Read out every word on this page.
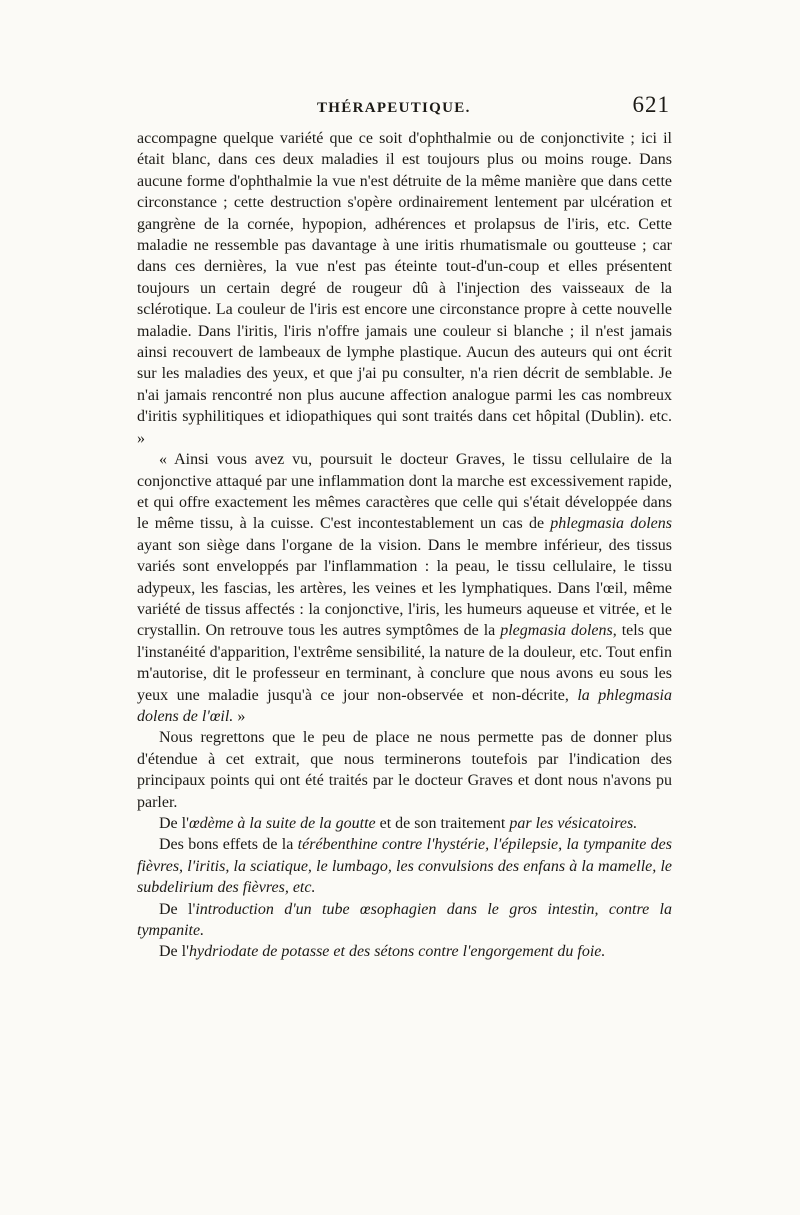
THÉRAPEUTIQUE.	621

accompagne quelque variété que ce soit d'ophthalmie ou de conjonctivite ; ici il était blanc, dans ces deux maladies il est toujours plus ou moins rouge. Dans aucune forme d'ophthalmie la vue n'est détruite de la même manière que dans cette circonstance ; cette destruction s'opère ordinairement lentement par ulcération et gangrène de la cornée, hypopion, adhérences et prolapsus de l'iris, etc. Cette maladie ne ressemble pas davantage à une iritis rhumatismale ou goutteuse ; car dans ces dernières, la vue n'est pas éteinte tout-d'un-coup et elles présentent toujours un certain degré de rougeur dû à l'injection des vaisseaux de la sclérotique. La couleur de l'iris est encore une circonstance propre à cette nouvelle maladie. Dans l'iritis, l'iris n'offre jamais une couleur si blanche ; il n'est jamais ainsi recouvert de lambeaux de lymphe plastique. Aucun des auteurs qui ont écrit sur les maladies des yeux, et que j'ai pu consulter, n'a rien décrit de semblable. Je n'ai jamais rencontré non plus aucune affection analogue parmi les cas nombreux d'iritis syphilitiques et idiopathiques qui sont traités dans cet hôpital (Dublin). etc. »

« Ainsi vous avez vu, poursuit le docteur Graves, le tissu cellulaire de la conjonctive attaqué par une inflammation dont la marche est excessivement rapide, et qui offre exactement les mêmes caractères que celle qui s'était développée dans le même tissu, à la cuisse. C'est incontestablement un cas de phlegmasia dolens ayant son siège dans l'organe de la vision. Dans le membre inférieur, des tissus variés sont enveloppés par l'inflammation : la peau, le tissu cellulaire, le tissu adypeux, les fascias, les artères, les veines et les lymphatiques. Dans l'œil, même variété de tissus affectés : la conjonctive, l'iris, les humeurs aqueuse et vitrée, et le crystallin. On retrouve tous les autres symptômes de la plegmasia dolens, tels que l'instanéité d'apparition, l'extrême sensibilité, la nature de la douleur, etc. Tout enfin m'autorise, dit le professeur en terminant, à conclure que nous avons eu sous les yeux une maladie jusqu'à ce jour non-observée et non-décrite, la phlegmasia dolens de l'œil. »

Nous regrettons que le peu de place ne nous permette pas de donner plus d'étendue à cet extrait, que nous terminerons toutefois par l'indication des principaux points qui ont été traités par le docteur Graves et dont nous n'avons pu parler.

De l'œdème à la suite de la goutte et de son traitement par les vésicatoires.

Des bons effets de la térébenthine contre l'hystérie, l'épilepsie, la tympanite des fièvres, l'iritis, la sciatique, le lumbago, les convulsions des enfans à la mamelle, le subdelirium des fièvres, etc.

De l'introduction d'un tube œsophagien dans le gros intestin, contre la tympanite.

De l'hydriodate de potasse et des sétons contre l'engorgement du foie.
